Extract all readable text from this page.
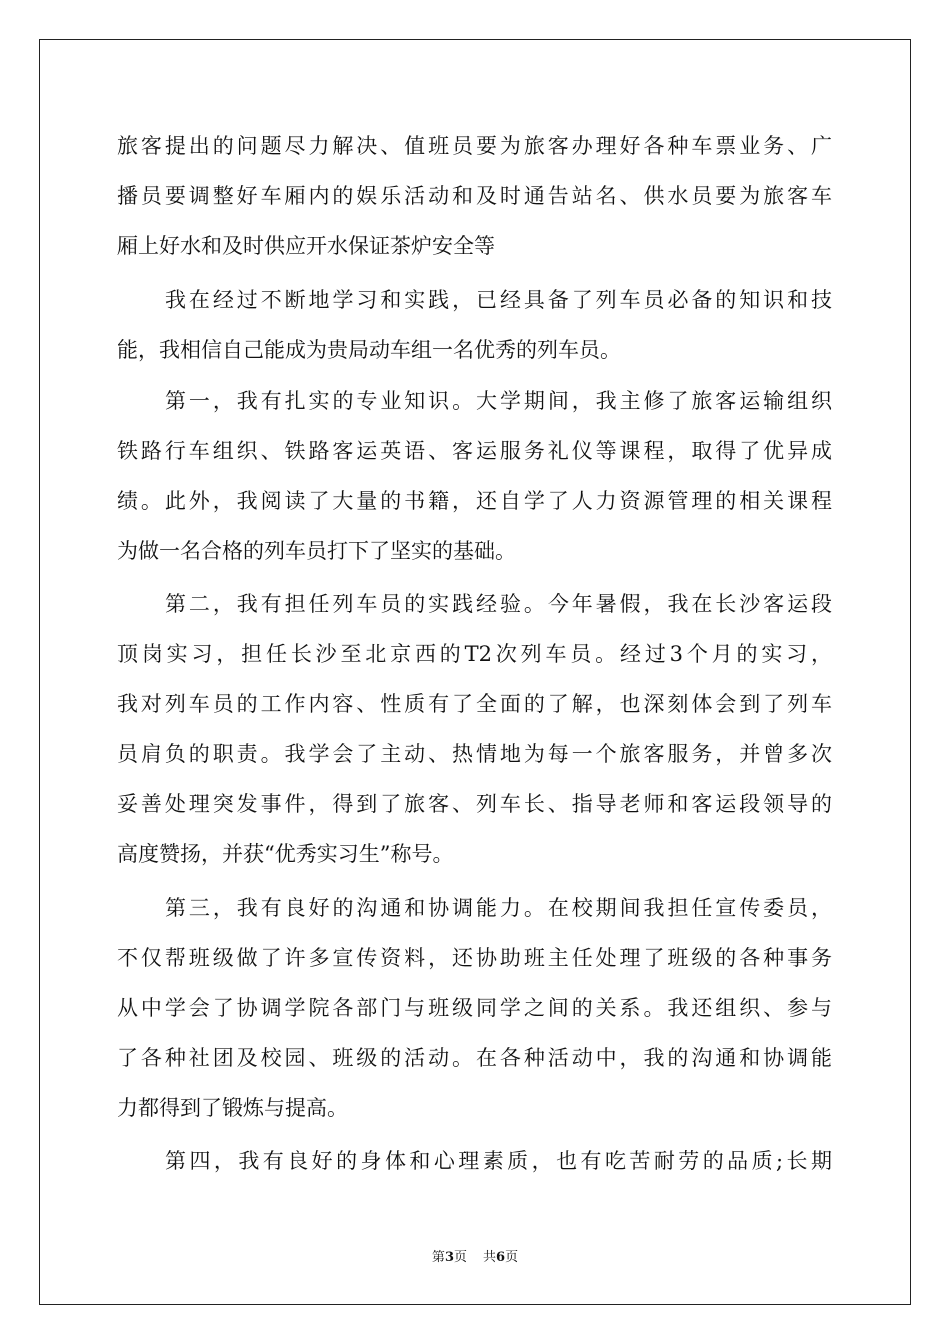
旅客提出的问题尽力解决、值班员要为旅客办理好各种车票业务、广
播员要调整好车厢内的娱乐活动和及时通告站名、供水员要为旅客车
厢上好水和及时供应开水保证茶炉安全等
我在经过不断地学习和实践，已经具备了列车员必备的知识和技
能，我相信自己能成为贵局动车组一名优秀的列车员。
第一，我有扎实的专业知识。大学期间，我主修了旅客运输组织
铁路行车组织、铁路客运英语、客运服务礼仪等课程，取得了优异成
绩。此外，我阅读了大量的书籍，还自学了人力资源管理的相关课程
为做一名合格的列车员打下了坚实的基础。
第二，我有担任列车员的实践经验。今年暑假，我在长沙客运段
顶岗实习，担任长沙至北京西的T2次列车员。经过3个月的实习，
我对列车员的工作内容、性质有了全面的了解，也深刻体会到了列车
员肩负的职责。我学会了主动、热情地为每一个旅客服务，并曾多次
妥善处理突发事件，得到了旅客、列车长、指导老师和客运段领导的
高度赞扬，并获“优秀实习生”称号。
第三，我有良好的沟通和协调能力。在校期间我担任宣传委员，
不仅帮班级做了许多宣传资料，还协助班主任处理了班级的各种事务
从中学会了协调学院各部门与班级同学之间的关系。我还组织、参与
了各种社团及校园、班级的活动。在各种活动中，我的沟通和协调能
力都得到了锻炼与提高。
第四，我有良好的身体和心理素质，也有吃苦耐劳的品质;长期
第3页 共6页
